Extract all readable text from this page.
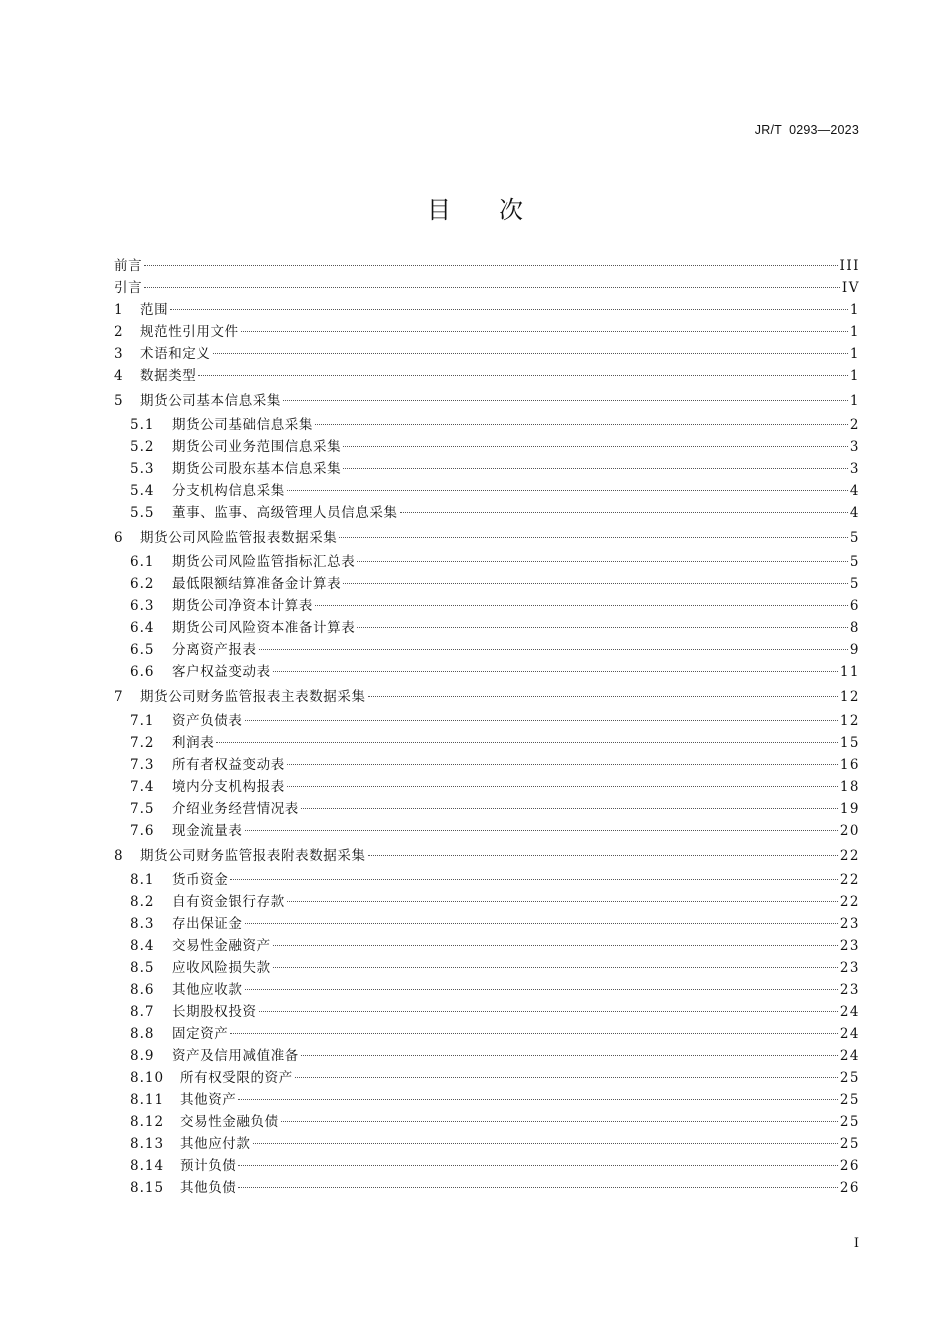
JR/T  0293—2023
目次
前言	III
引言	IV
1	范围	1
2	规范性引用文件	1
3	术语和定义	1
4	数据类型	1
5	期货公司基本信息采集	1
5.1	期货公司基础信息采集	2
5.2	期货公司业务范围信息采集	3
5.3	期货公司股东基本信息采集	3
5.4	分支机构信息采集	4
5.5	董事、监事、高级管理人员信息采集	4
6	期货公司风险监管报表数据采集	5
6.1	期货公司风险监管指标汇总表	5
6.2	最低限额结算准备金计算表	5
6.3	期货公司净资本计算表	6
6.4	期货公司风险资本准备计算表	8
6.5	分离资产报表	9
6.6	客户权益变动表	11
7	期货公司财务监管报表主表数据采集	12
7.1	资产负债表	12
7.2	利润表	15
7.3	所有者权益变动表	16
7.4	境内分支机构报表	18
7.5	介绍业务经营情况表	19
7.6	现金流量表	20
8	期货公司财务监管报表附表数据采集	22
8.1	货币资金	22
8.2	自有资金银行存款	22
8.3	存出保证金	23
8.4	交易性金融资产	23
8.5	应收风险损失款	23
8.6	其他应收款	23
8.7	长期股权投资	24
8.8	固定资产	24
8.9	资产及信用减值准备	24
8.10	所有权受限的资产	25
8.11	其他资产	25
8.12	交易性金融负债	25
8.13	其他应付款	25
8.14	预计负债	26
8.15	其他负债	26
I
